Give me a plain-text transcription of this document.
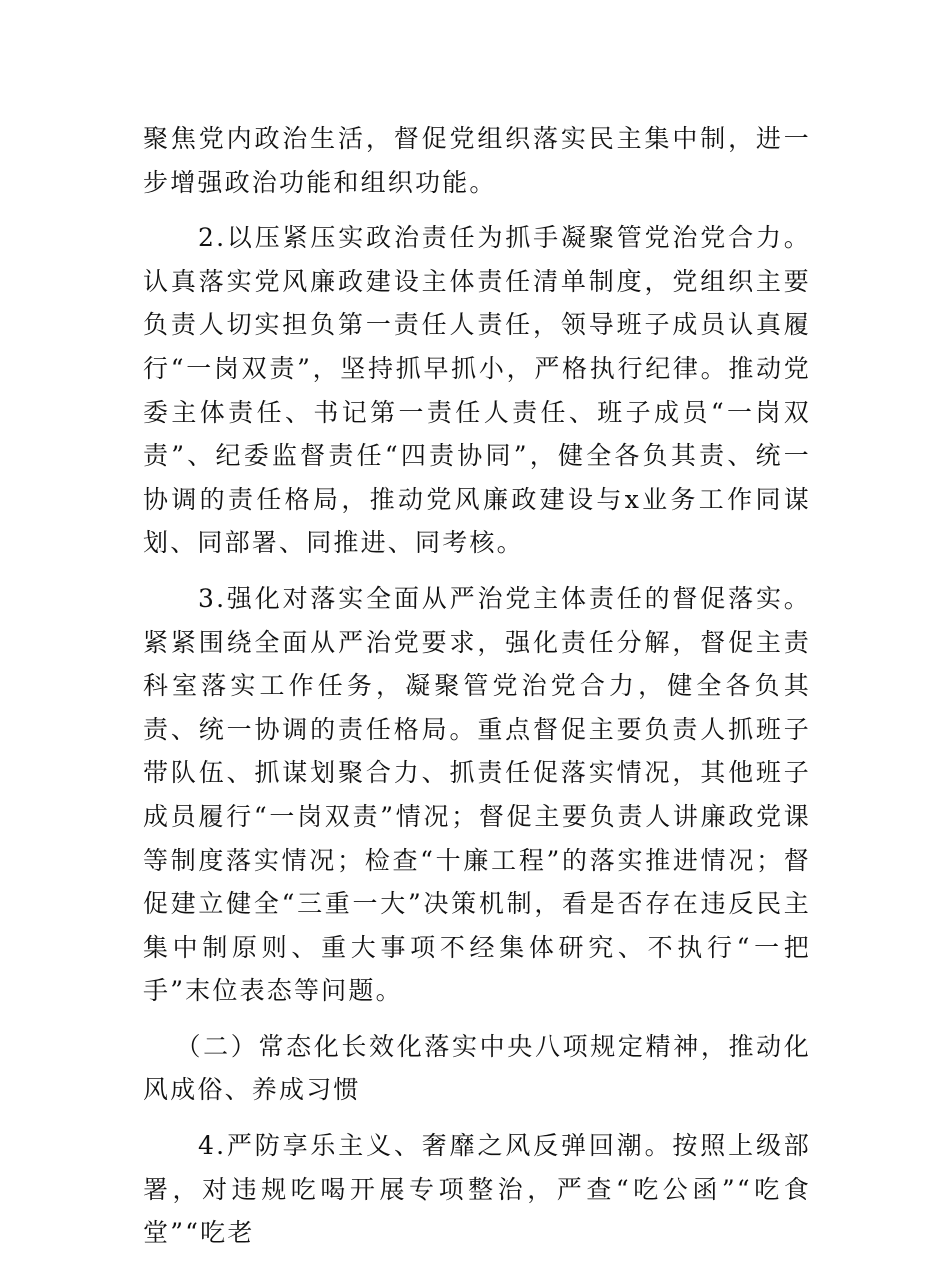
聚焦党内政治生活，督促党组织落实民主集中制，进一步增强政治功能和组织功能。

2.以压紧压实政治责任为抓手凝聚管党治党合力。认真落实党风廉政建设主体责任清单制度，党组织主要负责人切实担负第一责任人责任，领导班子成员认真履行“一岗双责”，坚持抓早抓小，严格执行纪律。推动党委主体责任、书记第一责任人责任、班子成员“一岗双责”、纪委监督责任“四责协同”，健全各负其责、统一协调的责任格局，推动党风廉政建设与x业务工作同谋划、同部署、同推进、同考核。

3.强化对落实全面从严治党主体责任的督促落实。紧紧围绕全面从严治党要求，强化责任分解，督促主责科室落实工作任务，凝聚管党治党合力，健全各负其责、统一协调的责任格局。重点督促主要负责人抓班子带队伍、抓谋划聚合力、抓责任促落实情况，其他班子成员履行“一岗双责”情况；督促主要负责人讲廉政党课等制度落实情况；检查“十廉工程”的落实推进情况；督促建立健全“三重一大”决策机制，看是否存在违反民主集中制原则、重大事项不经集体研究、不执行“一把手”末位表态等问题。

（二）常态化长效化落实中央八项规定精神，推动化风成俗、养成习惯

4.严防享乐主义、奢靡之风反弹回潮。按照上级部署，对违规吃喝开展专项整治，严查“吃公函”“吃食堂”“吃老
